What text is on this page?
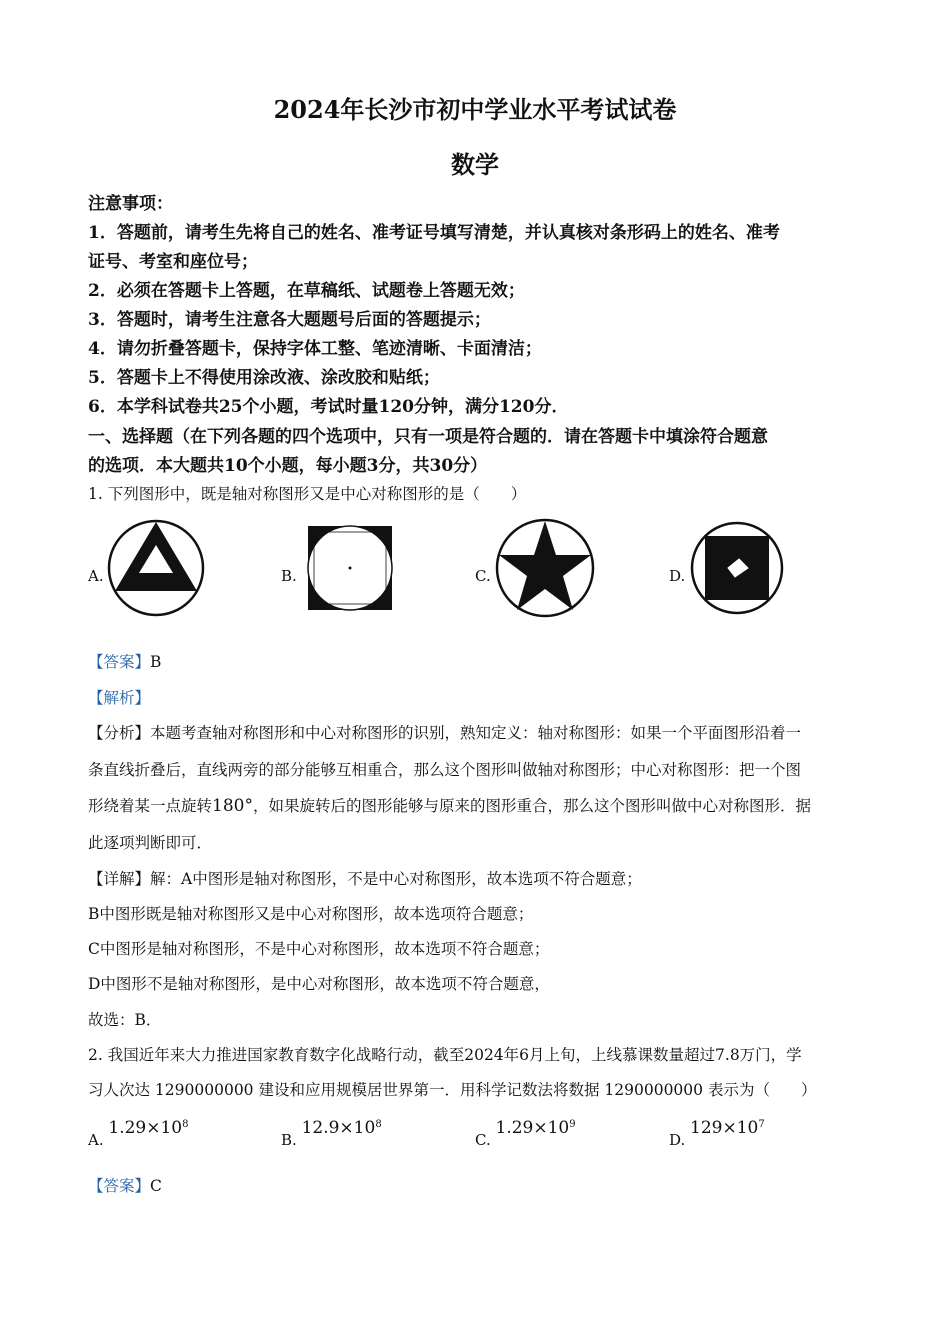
2024年长沙市初中学业水平考试试卷
数学
注意事项：
1．答题前，请考生先将自己的姓名、准考证号填写清楚，并认真核对条形码上的姓名、准考
证号、考室和座位号；
2．必须在答题卡上答题，在草稿纸、试题卷上答题无效；
3．答题时，请考生注意各大题题号后面的答题提示；
4．请勿折叠答题卡，保持字体工整、笔迹清晰、卡面清洁；
5．答题卡上不得使用涂改液、涂改胶和贴纸；
6．本学科试卷共25个小题，考试时量120分钟，满分120分．
一、选择题（在下列各题的四个选项中，只有一项是符合题的．请在答题卡中填涂符合题意
的选项．本大题共10个小题，每小题3分，共30分）
1. 下列图形中，既是轴对称图形又是中心对称图形的是（　　）
A.	B.	C.	D.
【答案】B
【解析】
【分析】本题考查轴对称图形和中心对称图形的识别，熟知定义：轴对称图形：如果一个平面图形沿着一
条直线折叠后，直线两旁的部分能够互相重合，那么这个图形叫做轴对称图形；中心对称图形：把一个图
形绕着某一点旋转180°，如果旋转后的图形能够与原来的图形重合，那么这个图形叫做中心对称图形．据
此逐项判断即可．
【详解】解：A中图形是轴对称图形，不是中心对称图形，故本选项不符合题意；
B中图形既是轴对称图形又是中心对称图形，故本选项符合题意；
C中图形是轴对称图形，不是中心对称图形，故本选项不符合题意；
D中图形不是轴对称图形，是中心对称图形，故本选项不符合题意，
故选：B．
2. 我国近年来大力推进国家教育数字化战略行动，截至2024年6月上旬，上线慕课数量超过7.8万门，学
习人次达 1290000000 建设和应用规模居世界第一．用科学记数法将数据 1290000000 表示为（　　）
A. $1.29\times 10^8$
B. $12.9\times 10^8$
C. $1.29\times 10^9$
D. $129\times 10^7$
【答案】C
